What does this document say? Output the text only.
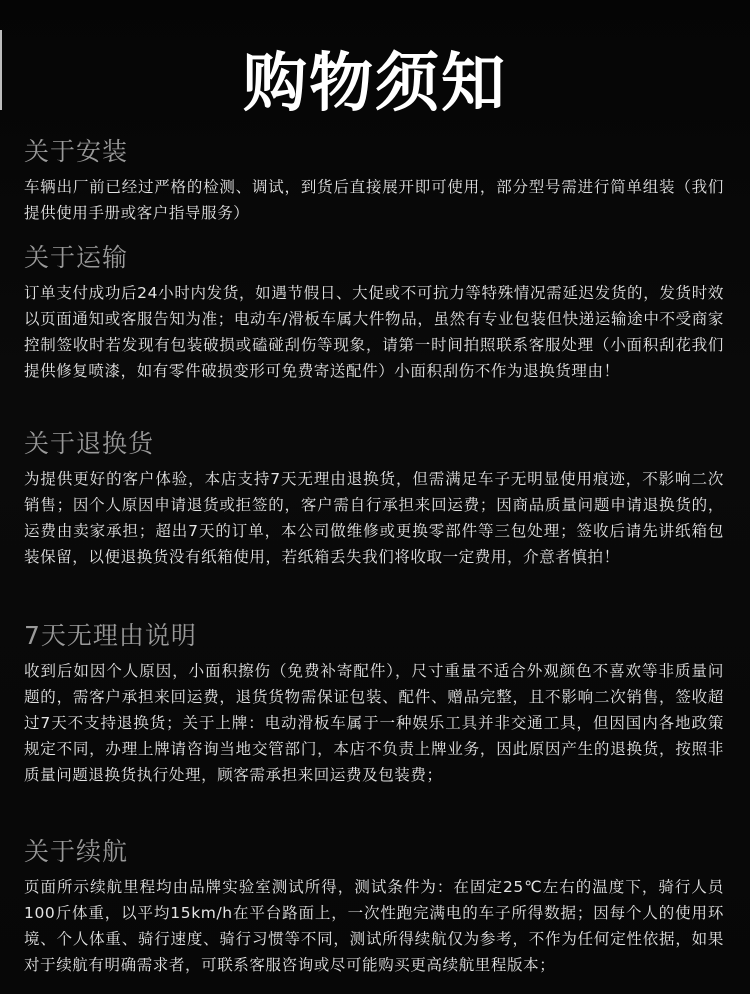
购物须知
关于安装

车辆出厂前已经过严格的检测、调试，到货后直接展开即可使用，部分型号需进行简单组装（我们提供使用手册或客户指导服务）

关于运输

订单支付成功后24小时内发货，如遇节假日、大促或不可抗力等特殊情况需延迟发货的，发货时效以页面通知或客服告知为准；电动车/滑板车属大件物品，虽然有专业包装但快递运输途中不受商家控制签收时若发现有包装破损或磕碰刮伤等现象，请第一时间拍照联系客服处理（小面积刮花我们提供修复喷漆，如有零件破损变形可免费寄送配件）小面积刮伤不作为退换货理由！

关于退换货

为提供更好的客户体验，本店支持7天无理由退换货，但需满足车子无明显使用痕迹，不影响二次销售；因个人原因申请退货或拒签的，客户需自行承担来回运费；因商品质量问题申请退换货的，运费由卖家承担；超出7天的订单，本公司做维修或更换零部件等三包处理；签收后请先讲纸箱包装保留，以便退换货没有纸箱使用，若纸箱丢失我们将收取一定费用，介意者慎拍！

7天无理由说明

收到后如因个人原因，小面积擦伤（免费补寄配件），尺寸重量不适合外观颜色不喜欢等非质量问题的，需客户承担来回运费，退货货物需保证包装、配件、赠品完整，且不影响二次销售，签收超过7天不支持退换货；关于上牌：电动滑板车属于一种娱乐工具并非交通工具，但因国内各地政策规定不同，办理上牌请咨询当地交管部门，本店不负责上牌业务，因此原因产生的退换货，按照非质量问题退换货执行处理，顾客需承担来回运费及包装费；

关于续航

页面所示续航里程均由品牌实验室测试所得，测试条件为：在固定25℃左右的温度下，骑行人员100斤体重，以平均15km/h在平台路面上，一次性跑完满电的车子所得数据；因每个人的使用环境、个人体重、骑行速度、骑行习惯等不同，测试所得续航仅为参考，不作为任何定性依据，如果对于续航有明确需求者，可联系客服咨询或尽可能购买更高续航里程版本；
